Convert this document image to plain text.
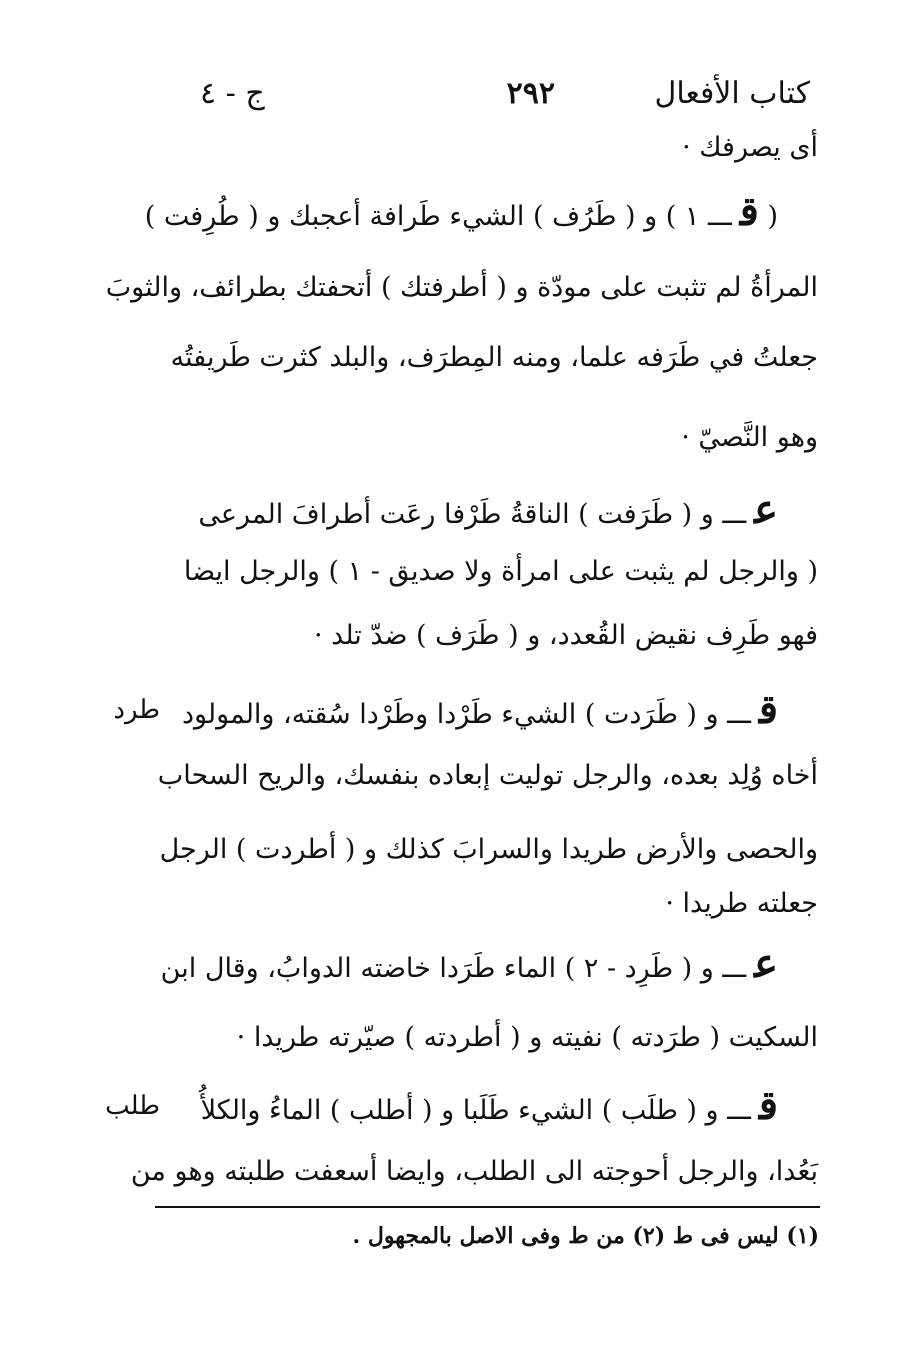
كتاب الأفعال
٢٩٢
ج - ٤
أى يصرفك ·
( قـــ ١ ) و ( طَرُف ) الشيء طَرافة أعجبك و ( طُرِفت )
المرأةُ لم تثبت على مودّة و ( أطرفتك ) أتحفتك بطرائف، والثوبَ
جعلتُ في طَرَفه علما، ومنه المِطرَف، والبلد كثرت طَريفتُه
وهو النَّصيّ ·
عـــ و ( طَرَفت ) الناقةُ طَرْفا رعَت أطرافَ المرعى
( والرجل لم يثبت على امرأة ولا صديق - ١ ) والرجل ايضا
فهو طَرِف نقيض القُعدد، و ( طَرَف ) ضدّ تلد ·
قـــ و ( طَرَدت ) الشيء طَرْدا وطَرْدا سُقته، والمولود
أخاه وُلِد بعده، والرجل توليت إبعاده بنفسك، والريح السحاب
والحصى والأرض طريدا والسرابَ كذلك و ( أطردت ) الرجل
جعلته طريدا ·
عـــ و ( طَرِد - ٢ ) الماء طَرَدا خاضته الدوابُ، وقال ابن
السكيت ( طرَدته ) نفيته و ( أطردته ) صيّرته طريدا ·
قـــ و ( طلَب ) الشيء طَلَبا و ( أطلب ) الماءُ والكلأُ
بَعُدا، والرجل أحوجته الى الطلب، وايضا أسعفت طلبته وهو من
طرد
طلب
(١) ليس فى ط (٢) من ط وفى الاصل بالمجهول .
